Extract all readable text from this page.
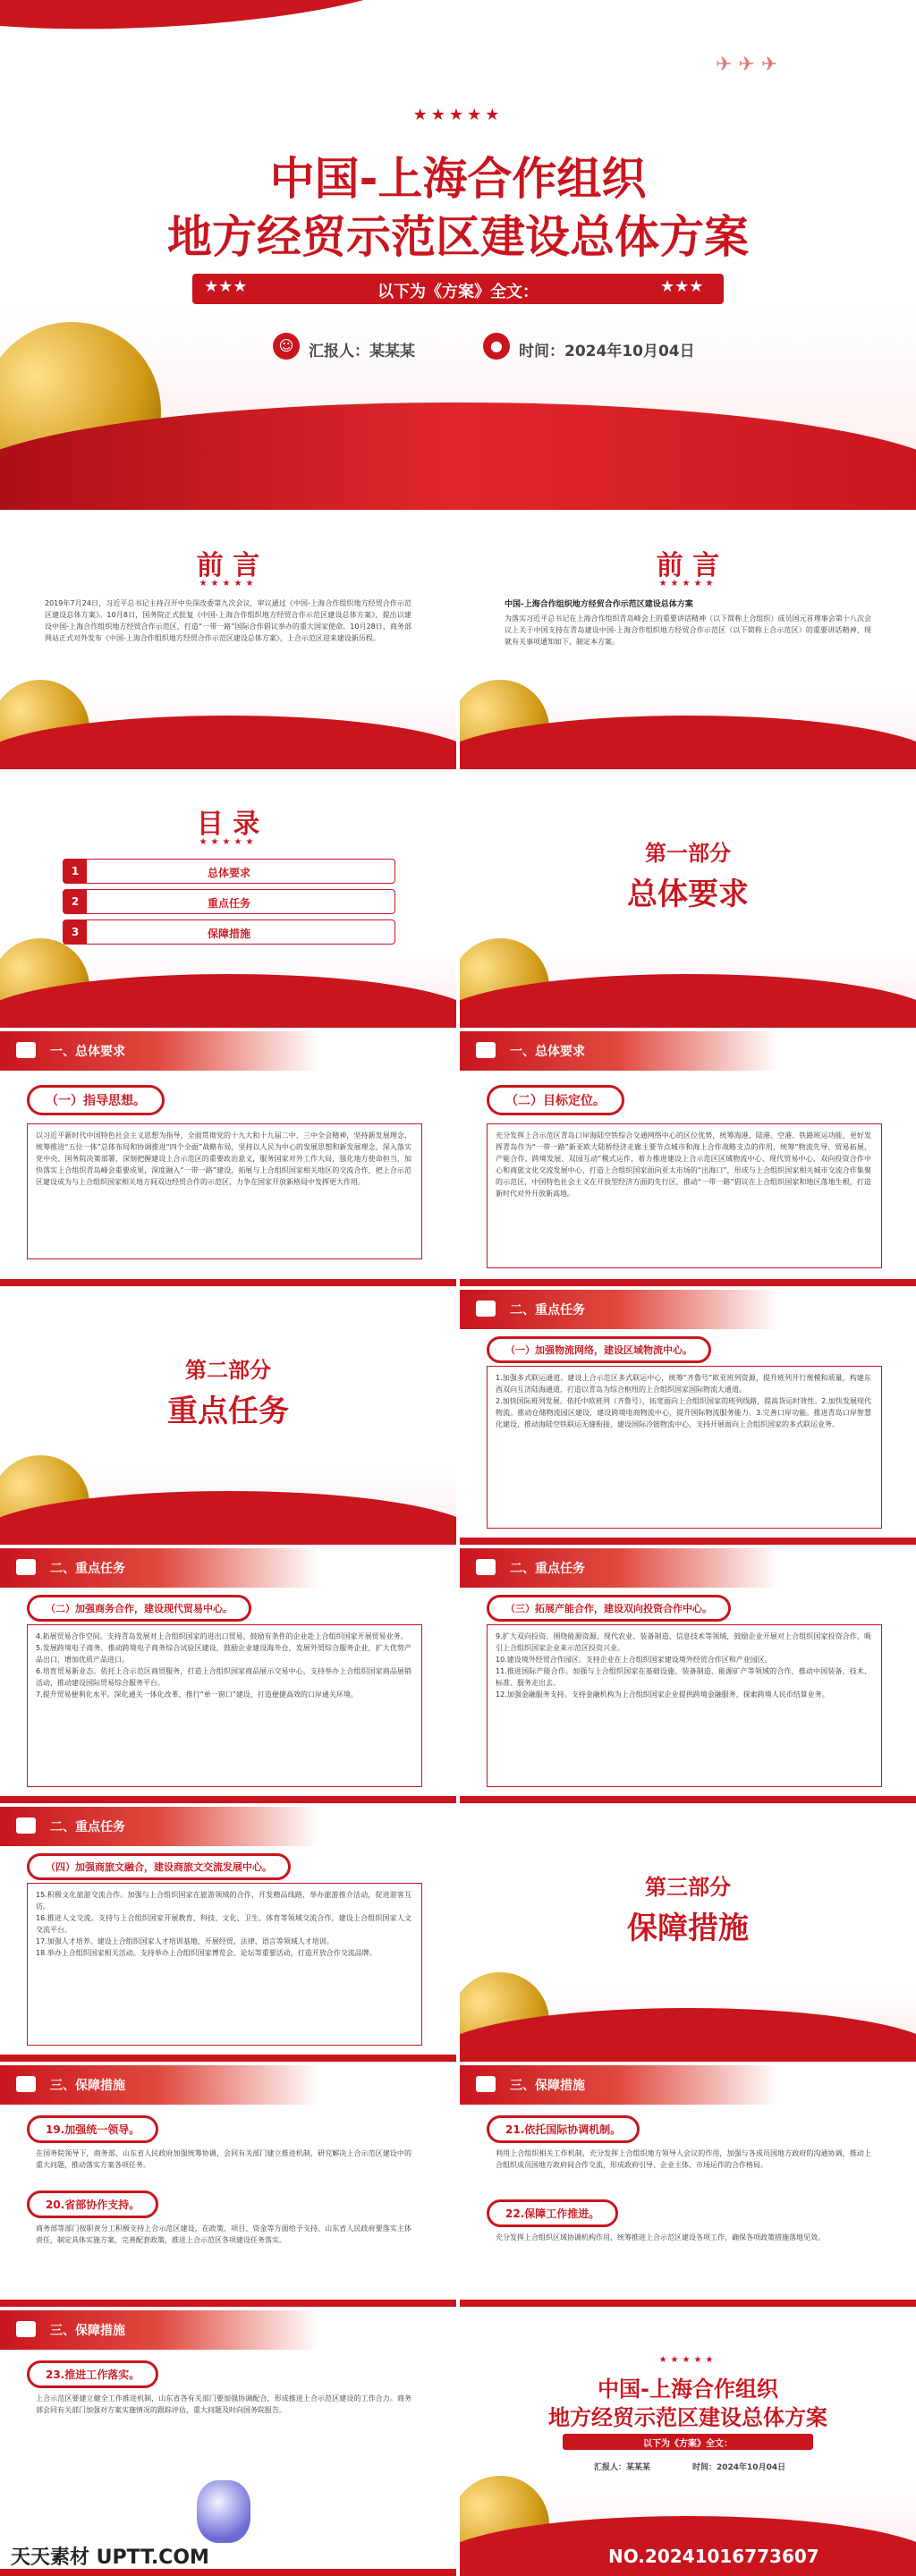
✈ ✈ ✈
★★★★★
中国-上海合作组织
地方经贸示范区建设总体方案
★★★	★★★
以下为《方案》全文：
☺ 汇报人：某某某	●	时间：2024年10月04日
前 言
★★★★★
2019年7月24日，习近平总书记主持召开中央深改委第九次会议，审议通过《中国-上海合作组织地方经贸合作示范区建设总体方案》。10月8日，国务院正式批复《中国-上海合作组织地方经贸合作示范区建设总体方案》，提出以建设中国-上海合作组织地方经贸合作示范区，打造“一带一路”国际合作倡议举办的重大国家使命。10月28日，商务部网站正式对外发布《中国-上海合作组织地方经贸合作示范区建设总体方案》，上合示范区迎来建设新历程。
前 言
★★★★★
中国-上海合作组织地方经贸合作示范区建设总体方案
为落实习近平总书记在上海合作组织青岛峰会上的重要讲话精神（以下简称上合组织）成员国元首理事会第十八次会议上关于中国支持在青岛建设中国-上海合作组织地方经贸合作示范区（以下简称上合示范区）的重要讲话精神，现就有关事项通知如下，制定本方案。
目 录
★★★★★
1	总体要求
2	重点任务
3	保障措施
第一部分
总体要求
一、总体要求
（一）指导思想。
以习近平新时代中国特色社会主义思想为指导，全面贯彻党的十九大和十九届二中、三中全会精神，坚持新发展理念，统筹推进“五位一体”总体布局和协调推进“四个全面”战略布局，坚持以人民为中心的发展思想和新发展理念，深入落实党中央、国务院决策部署，深刻把握建设上合示范区的重要政治意义，服务国家对外工作大局，强化地方使命担当，加快落实上合组织青岛峰会重要成果，深度融入“一带一路”建设，拓展与上合组织国家相关地区的交流合作，把上合示范区建设成为与上合组织国家相关地方间双边经贸合作的示范区，力争在国家开放新格局中发挥更大作用。
一、总体要求
（二）目标定位。
充分发挥上合示范区青岛口岸海陆空铁综合交通网络中心的区位优势，统筹海港、陆港、空港、铁路班运功能，更好发挥青岛作为“一带一路”新亚欧大陆桥经济走廊主要节点城市和海上合作战略支点的作用，统筹“物流先导、贸易拓展、产能合作、跨境发展、双园互动”模式运作，着力推进建设上合示范区区域物流中心、现代贸易中心、双向投资合作中心和商旅文化交流发展中心，打造上合组织国家面向亚太市场的“出海口”，形成与上合组织国家相关城市交流合作集聚的示范区，中国特色社会主义在开放型经济方面的先行区，推动“一带一路”倡议在上合组织国家和地区落地生根，打造新时代对外开放新高地。
第二部分
重点任务
二、重点任务
（一）加强物流网络，建设区域物流中心。
1.加强多式联运通道。建设上合示范区多式联运中心，统筹“齐鲁号”欧亚班列资源，提升班列开行规模和质量，构建东西双向互济陆海通道，打造以青岛为综合枢纽的上合组织国家国际物流大通道。
2.加快国际班列发展。依托中欧班列（齐鲁号），拓宽面向上合组织国家的班列线路，提高货运时效性。2.加快发展现代物流。推动仓储物流园区建设，建设跨境电商物流中心，提升国际物流服务能力。3.完善口岸功能。推进青岛口岸智慧化建设，推动海陆空铁联运无缝衔接，建设国际冷链物流中心，支持开展面向上合组织国家的多式联运业务。
二、重点任务
（二）加强商务合作，建设现代贸易中心。
4.拓展贸易合作空间。支持青岛发展对上合组织国家的进出口贸易，鼓励有条件的企业赴上合组织国家开展贸易业务。
5.发展跨境电子商务。推动跨境电子商务综合试验区建设，鼓励企业建设海外仓，发展外贸综合服务企业，扩大优势产品出口，增加优质产品进口。
6.培育贸易新业态。依托上合示范区商贸服务，打造上合组织国家商品展示交易中心，支持举办上合组织国家商品展销活动，推动建设国际贸易综合服务平台。
7.提升贸易便利化水平。深化通关一体化改革，推行“单一窗口”建设，打造便捷高效的口岸通关环境。
二、重点任务
（三）拓展产能合作，建设双向投资合作中心。
9.扩大双向投资。围绕能源资源、现代农业、装备制造、信息技术等领域，鼓励企业开展对上合组织国家投资合作，吸引上合组织国家企业来示范区投资兴业。
10.建设境外经贸合作园区。支持企业在上合组织国家建设境外经贸合作区和产业园区。
11.推进国际产能合作。加强与上合组织国家在基础设施、装备制造、能源矿产等领域的合作，推动中国装备、技术、标准、服务走出去。
12.加强金融服务支持。支持金融机构为上合组织国家企业提供跨境金融服务，探索跨境人民币结算业务。
二、重点任务
（四）加强商旅文融合，建设商旅文交流发展中心。
15.积极文化旅游交流合作。加强与上合组织国家在旅游领域的合作，开发精品线路，举办旅游推介活动，促进游客互访。
16.推进人文交流。支持与上合组织国家开展教育、科技、文化、卫生、体育等领域交流合作，建设上合组织国家人文交流平台。
17.加强人才培养。建设上合组织国家人才培训基地，开展经贸、法律、语言等领域人才培训。
18.举办上合组织国家相关活动。支持举办上合组织国家博览会、论坛等重要活动，打造开放合作交流品牌。
第三部分
保障措施
三、保障措施
19.加强统一领导。
在国务院领导下，商务部、山东省人民政府加强统筹协调，会同有关部门建立推进机制，研究解决上合示范区建设中的重大问题，推动落实方案各项任务。
20.省部协作支持。
商务部等部门按职责分工积极支持上合示范区建设，在政策、项目、资金等方面给予支持。山东省人民政府要落实主体责任，制定具体实施方案，完善配套政策，推进上合示范区各项建设任务落实。
三、保障措施
21.依托国际协调机制。
利用上合组织相关工作机制，充分发挥上合组织地方领导人会议的作用，加强与各成员国地方政府的沟通协调，推动上合组织成员国地方政府间合作交流，形成政府引导、企业主体、市场运作的合作格局。
22.保障工作推进。
充分发挥上合组织区域协调机构作用，统筹推进上合示范区建设各项工作，确保各项政策措施落地见效。
三、保障措施
23.推进工作落实。
上合示范区要建立健全工作推进机制，山东省各有关部门要加强协调配合，形成推进上合示范区建设的工作合力。商务部会同有关部门加强对方案实施情况的跟踪评估，重大问题及时向国务院报告。
★★★★★
中国-上海合作组织
地方经贸示范区建设总体方案
以下为《方案》全文：
汇报人：某某某	时间：2024年10月04日
天天素材 UPTT.COM	NO.20241016773607
